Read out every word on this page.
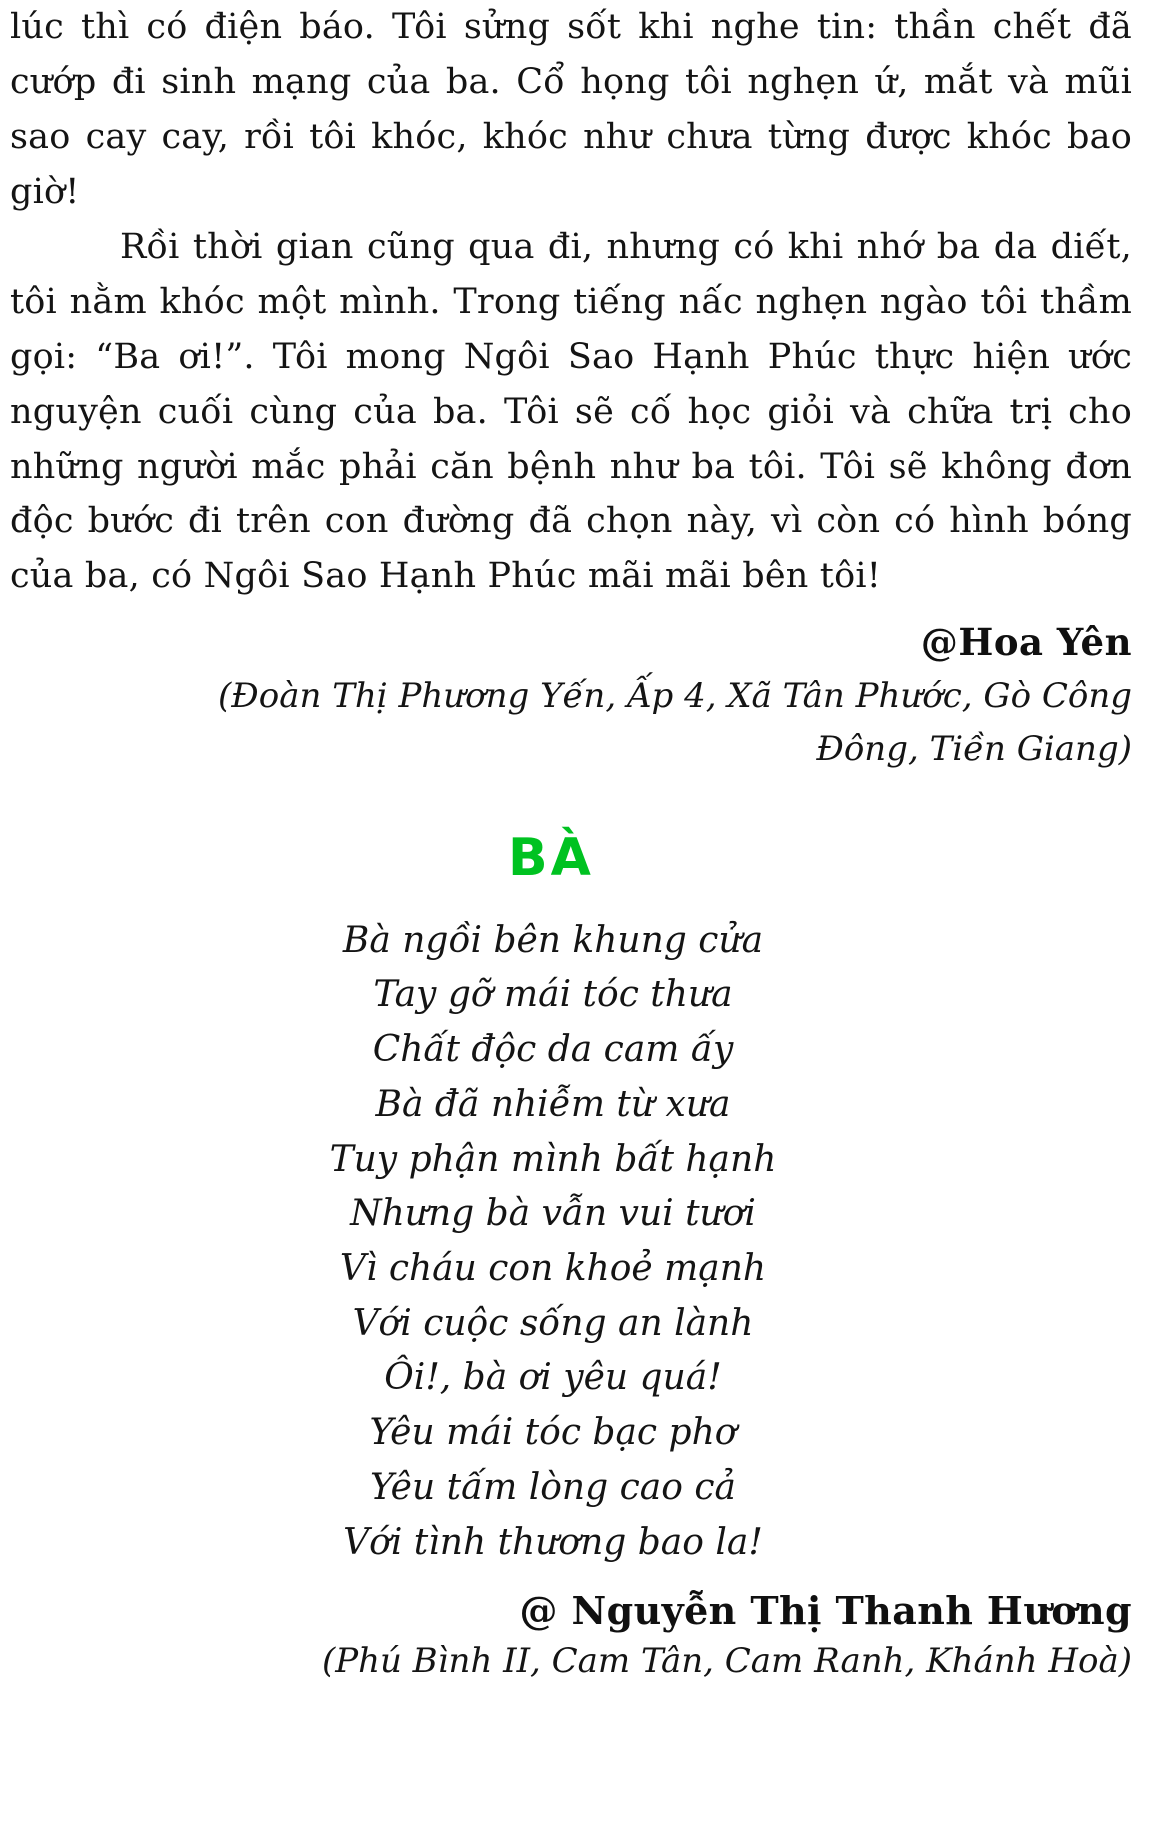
lúc thì có điện báo. Tôi sửng sốt khi nghe tin: thần chết đã cướp đi sinh mạng của ba. Cổ họng tôi nghẹn ứ, mắt và mũi sao cay cay, rồi tôi khóc, khóc như chưa từng được khóc bao giờ!

Rồi thời gian cũng qua đi, nhưng có khi nhớ ba da diết, tôi nằm khóc một mình. Trong tiếng nấc nghẹn ngào tôi thầm gọi: “Ba ơi!”. Tôi mong Ngôi Sao Hạnh Phúc thực hiện ước nguyện cuối cùng của ba. Tôi sẽ cố học giỏi và chữa trị cho những người mắc phải căn bệnh như ba tôi. Tôi sẽ không đơn độc bước đi trên con đường đã chọn này, vì còn có hình bóng của ba, có Ngôi Sao Hạnh Phúc mãi mãi bên tôi!

@Hoa Yên
(Đoàn Thị Phương Yến, Ấp 4, Xã Tân Phước, Gò Công Đông, Tiền Giang)
BÀ
Bà ngồi bên khung cửa
Tay gỡ mái tóc thưa
Chất độc da cam ấy
Bà đã nhiễm từ xưa
Tuy phận mình bất hạnh
Nhưng bà vẫn vui tươi
Vì cháu con khoẻ mạnh
Với cuộc sống an lành
Ôi!, bà ơi yêu quá!
Yêu mái tóc bạc phơ
Yêu tấm lòng cao cả
Với tình thương bao la!
@ Nguyễn Thị Thanh Hương
(Phú Bình II, Cam Tân, Cam Ranh, Khánh Hoà)
